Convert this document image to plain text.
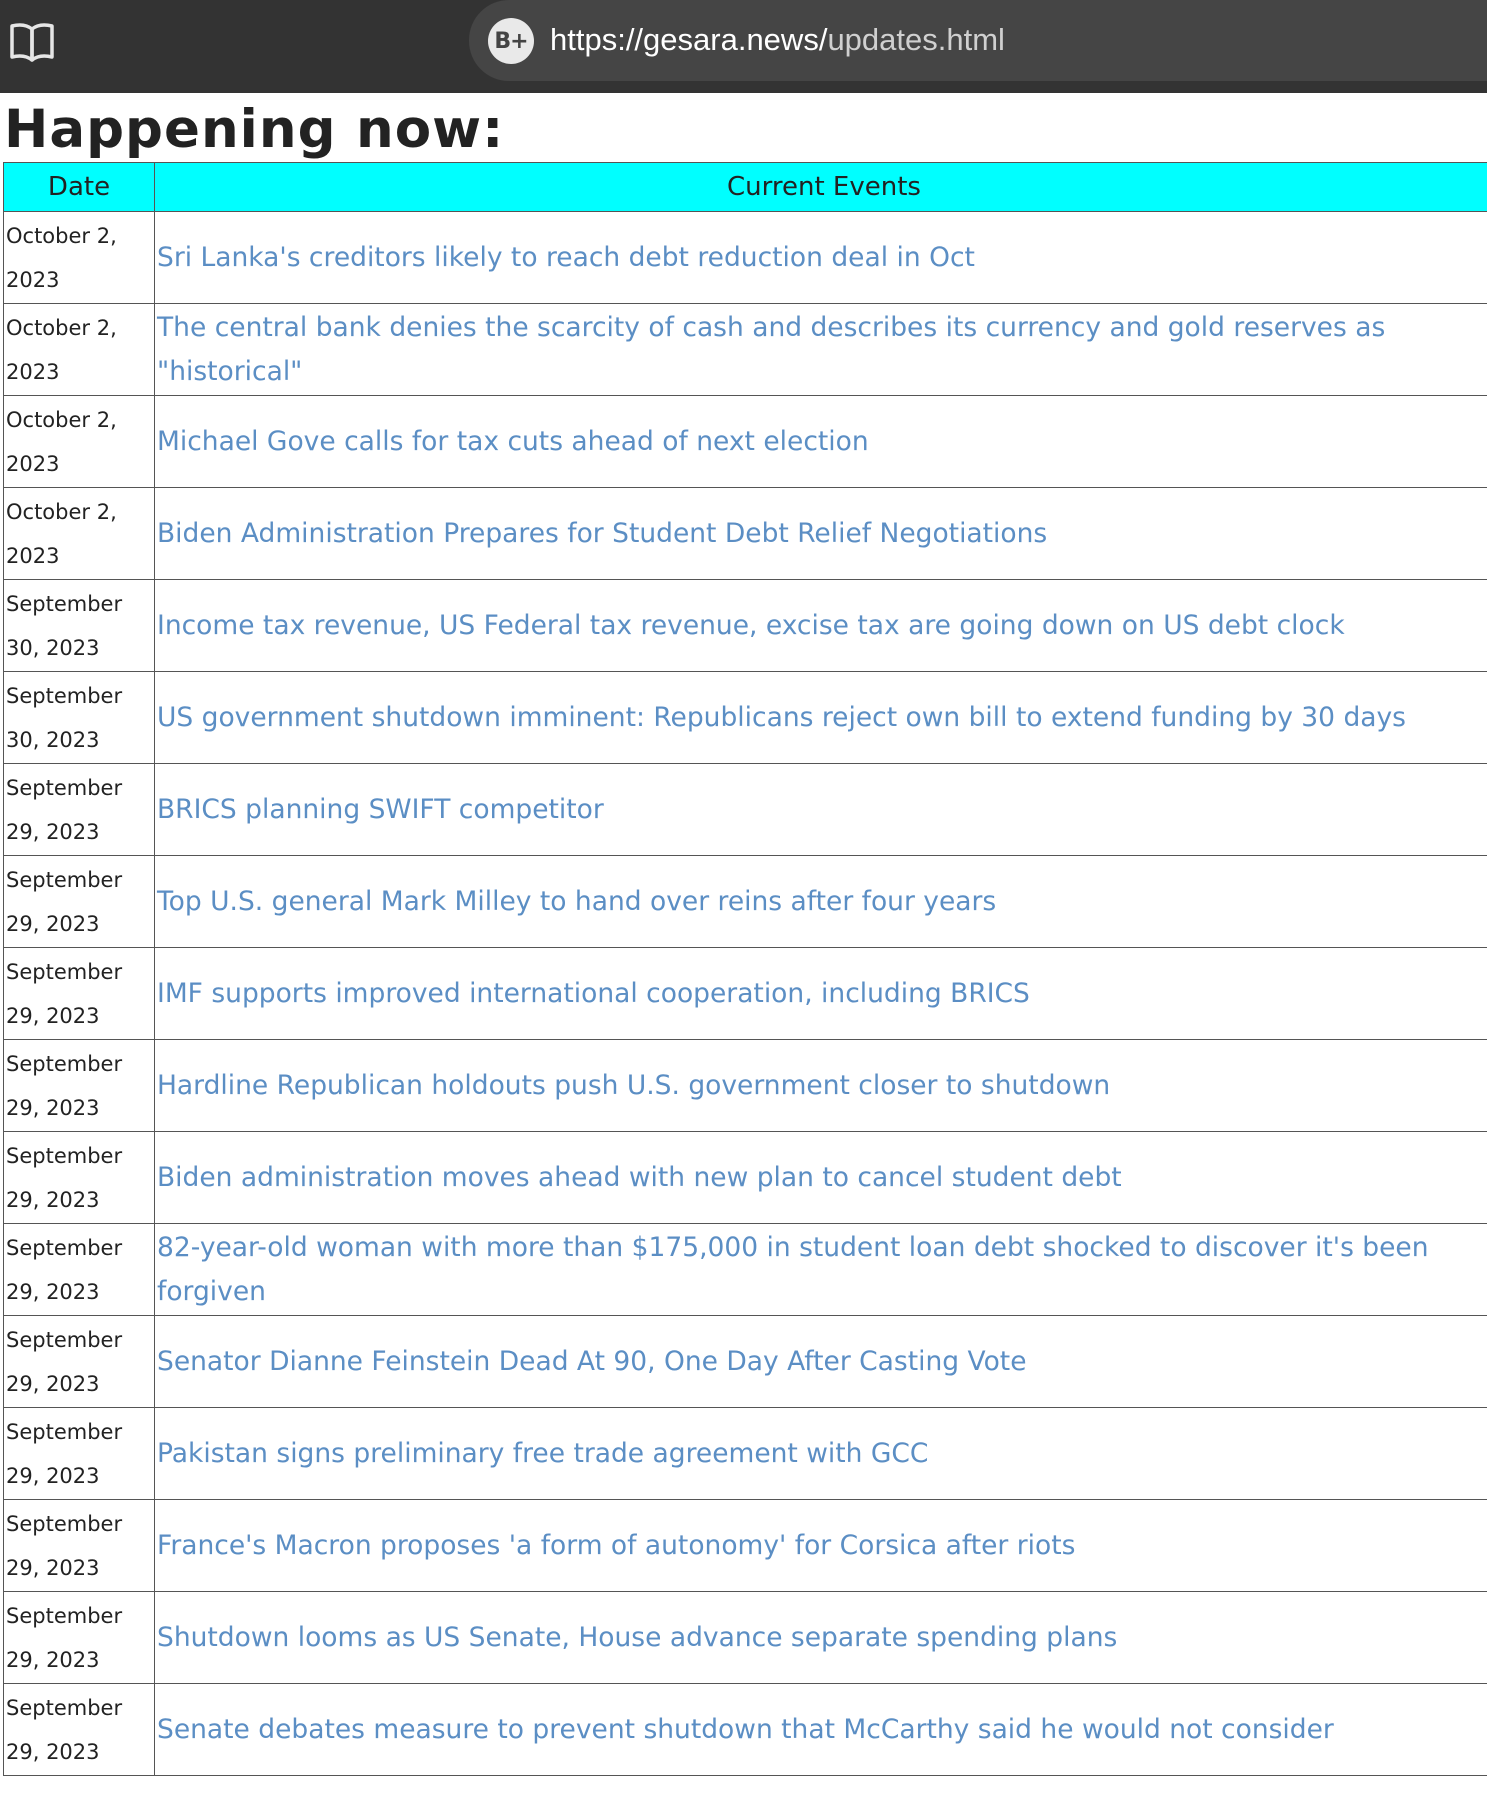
B+ https://gesara.news/updates.html
Happening now:
Date	Current Events
October 2, 2023	Sri Lanka's creditors likely to reach debt reduction deal in Oct

October 2, 2023	The central bank denies the scarcity of cash and describes its currency and gold reserves as "historical"

October 2, 2023	Michael Gove calls for tax cuts ahead of next election

October 2, 2023	Biden Administration Prepares for Student Debt Relief Negotiations

September 30, 2023	Income tax revenue, US Federal tax revenue, excise tax are going down on US debt clock

September 30, 2023	US government shutdown imminent: Republicans reject own bill to extend funding by 30 days

September 29, 2023	BRICS planning SWIFT competitor

September 29, 2023	Top U.S. general Mark Milley to hand over reins after four years

September 29, 2023	IMF supports improved international cooperation, including BRICS

September 29, 2023	Hardline Republican holdouts push U.S. government closer to shutdown

September 29, 2023	Biden administration moves ahead with new plan to cancel student debt

September 29, 2023	82-year-old woman with more than $175,000 in student loan debt shocked to discover it's been forgiven

September 29, 2023	Senator Dianne Feinstein Dead At 90, One Day After Casting Vote

September 29, 2023	Pakistan signs preliminary free trade agreement with GCC

September 29, 2023	France's Macron proposes 'a form of autonomy' for Corsica after riots

September 29, 2023	Shutdown looms as US Senate, House advance separate spending plans

September 29, 2023	Senate debates measure to prevent shutdown that McCarthy said he would not consider
